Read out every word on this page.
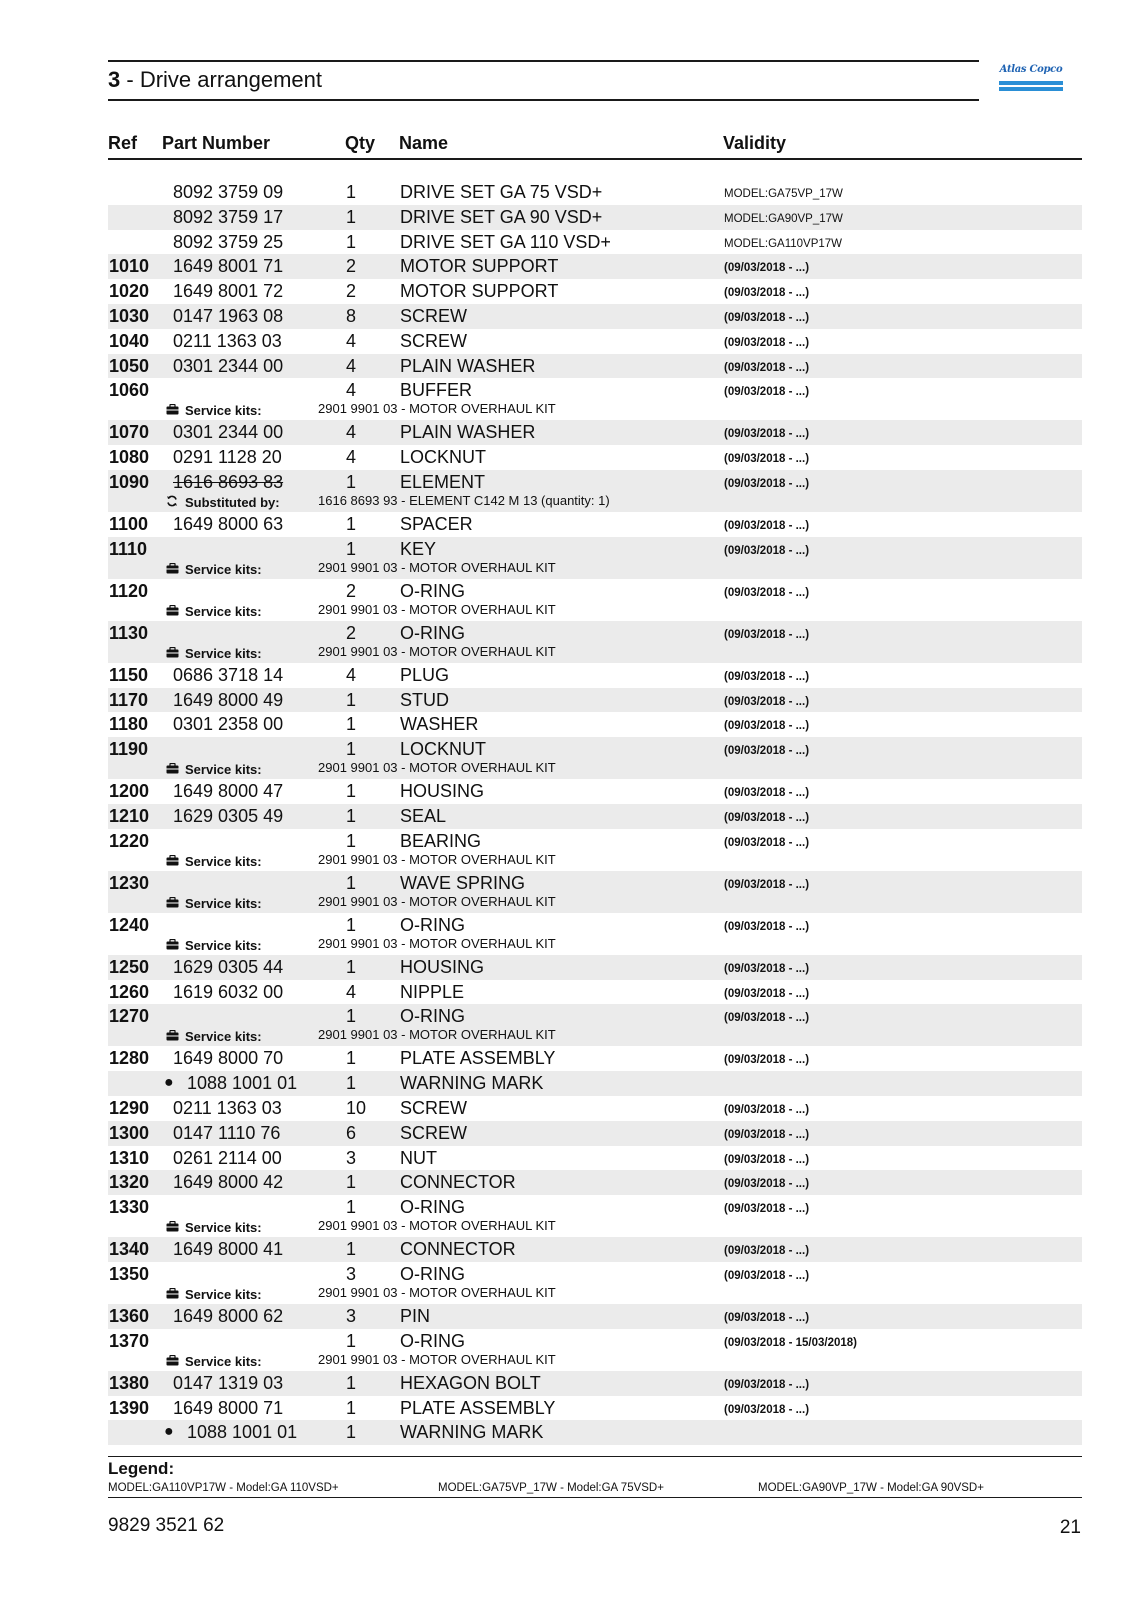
3 - Drive arrangement	Atlas Copco
Ref Part Number	Qty Name	Validity
8092 3759 09	1 DRIVE SET GA 75 VSD+	MODEL:GA75VP_17W
8092 3759 17	1 DRIVE SET GA 90 VSD+	MODEL:GA90VP_17W
8092 3759 25	1 DRIVE SET GA 110 VSD+	MODEL:GA110VP17W
1010 1649 8001 71	2 MOTOR SUPPORT	(09/03/2018 - ...)
1020 1649 8001 72	2 MOTOR SUPPORT	(09/03/2018 - ...)
1030 0147 1963 08	8 SCREW	(09/03/2018 - ...)
1040 0211 1363 03	4 SCREW	(09/03/2018 - ...)
1050 0301 2344 00	4 PLAIN WASHER	(09/03/2018 - ...)
1060	4 BUFFER	(09/03/2018 - ...)
Service kits:	2901 9901 03 - MOTOR OVERHAUL KIT
1070 0301 2344 00	4 PLAIN WASHER	(09/03/2018 - ...)
1080 0291 1128 20	4 LOCKNUT	(09/03/2018 - ...)
1090 1616 8693 83	1 ELEMENT	(09/03/2018 - ...)
Substituted by:	1616 8693 93 - ELEMENT C142 M 13 (quantity: 1)
1100 1649 8000 63	1 SPACER	(09/03/2018 - ...)
1110	1 KEY	(09/03/2018 - ...)
Service kits:	2901 9901 03 - MOTOR OVERHAUL KIT
1120	2 O-RING	(09/03/2018 - ...)
Service kits:	2901 9901 03 - MOTOR OVERHAUL KIT
1130	2 O-RING	(09/03/2018 - ...)
Service kits:	2901 9901 03 - MOTOR OVERHAUL KIT
1150 0686 3718 14	4 PLUG	(09/03/2018 - ...)
1170 1649 8000 49	1 STUD	(09/03/2018 - ...)
1180 0301 2358 00	1 WASHER	(09/03/2018 - ...)
1190	1 LOCKNUT	(09/03/2018 - ...)
Service kits:	2901 9901 03 - MOTOR OVERHAUL KIT
1200 1649 8000 47	1 HOUSING	(09/03/2018 - ...)
1210 1629 0305 49	1 SEAL	(09/03/2018 - ...)
1220	1 BEARING	(09/03/2018 - ...)
Service kits:	2901 9901 03 - MOTOR OVERHAUL KIT
1230	1 WAVE SPRING	(09/03/2018 - ...)
Service kits:	2901 9901 03 - MOTOR OVERHAUL KIT
1240	1 O-RING	(09/03/2018 - ...)
Service kits:	2901 9901 03 - MOTOR OVERHAUL KIT
1250 1629 0305 44	1 HOUSING	(09/03/2018 - ...)
1260 1619 6032 00	4 NIPPLE	(09/03/2018 - ...)
1270	1 O-RING	(09/03/2018 - ...)
Service kits:	2901 9901 03 - MOTOR OVERHAUL KIT
1280 1649 8000 70	1 PLATE ASSEMBLY	(09/03/2018 - ...)
● 1088 1001 01	1 WARNING MARK
1290 0211 1363 03	10 SCREW	(09/03/2018 - ...)
1300 0147 1110 76	6 SCREW	(09/03/2018 - ...)
1310 0261 2114 00	3 NUT	(09/03/2018 - ...)
1320 1649 8000 42	1 CONNECTOR	(09/03/2018 - ...)
1330	1 O-RING	(09/03/2018 - ...)
Service kits:	2901 9901 03 - MOTOR OVERHAUL KIT
1340 1649 8000 41	1 CONNECTOR	(09/03/2018 - ...)
1350	3 O-RING	(09/03/2018 - ...)
Service kits:	2901 9901 03 - MOTOR OVERHAUL KIT
1360 1649 8000 62	3 PIN	(09/03/2018 - ...)
1370	1 O-RING	(09/03/2018 - 15/03/2018)
Service kits:	2901 9901 03 - MOTOR OVERHAUL KIT
1380 0147 1319 03	1 HEXAGON BOLT	(09/03/2018 - ...)
1390 1649 8000 71	1 PLATE ASSEMBLY	(09/03/2018 - ...)
● 1088 1001 01	1 WARNING MARK
Legend:
MODEL:GA110VP17W - Model:GA 110VSD+	MODEL:GA75VP_17W - Model:GA 75VSD+	MODEL:GA90VP_17W - Model:GA 90VSD+
9829 3521 62	21
